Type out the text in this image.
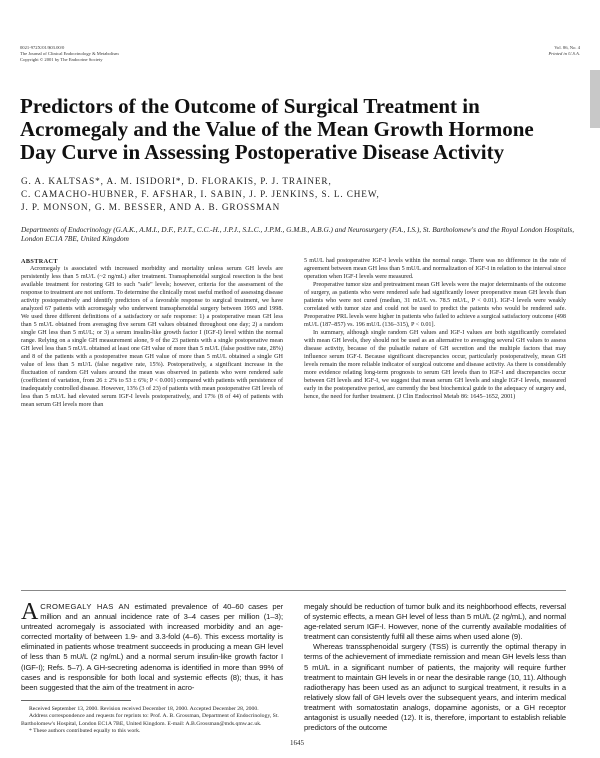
0021-972X/01/$03.00/0
The Journal of Clinical Endocrinology & Metabolism
Copyright © 2001 by The Endocrine Society
Vol. 86, No. 4
Printed in U.S.A.
Predictors of the Outcome of Surgical Treatment in Acromegaly and the Value of the Mean Growth Hormone Day Curve in Assessing Postoperative Disease Activity
G. A. KALTSAS*, A. M. ISIDORI*, D. FLORAKIS, P. J. TRAINER,
C. CAMACHO-HUBNER, F. AFSHAR, I. SABIN, J. P. JENKINS, S. L. CHEW,
J. P. MONSON, G. M. BESSER, AND A. B. GROSSMAN
Departments of Endocrinology (G.A.K., A.M.I., D.F., P.J.T., C.C.-H., J.P.J., S.L.C., J.P.M., G.M.B., A.B.G.) and Neurosurgery (F.A., I.S.), St. Bartholomew's and the Royal London Hospitals, London EC1A 7BE, United Kingdom
ABSTRACT

Acromegaly is associated with increased morbidity and mortality unless serum GH levels are persistently less than 5 mU/L (~2 ng/mL) after treatment. Transsphenoidal surgical resection is the best available treatment for restoring GH to such "safe" levels; however, criteria for the assessment of the response to treatment are not uniform. To determine the clinically most useful method of assessing disease activity postoperatively and identify predictors of a favorable response to surgical treatment, we have analyzed 67 patients with acromegaly who underwent transsphenoidal surgery between 1993 and 1998. We used three different definitions of a satisfactory or safe response: 1) a postoperative mean GH less than 5 mU/L obtained from averaging five serum GH values obtained throughout one day; 2) a random single GH less than 5 mU/L; or 3) a serum insulin-like growth factor I (IGF-I) level within the normal range. Relying on a single GH measurement alone, 9 of the 23 patients with a single postoperative mean GH level less than 5 mU/L obtained at least one GH value of more than 5 mU/L (false positive rate, 28%) and 8 of the patients with a postoperative mean GH value of more than 5 mU/L obtained a single GH value of less than 5 mU/L (false negative rate, 15%). Postoperatively, a significant increase in the fluctuation of random GH values around the mean was observed in patients who were rendered safe (coefficient of variation, from 26 ± 2% to 53 ± 6%; P < 0.001) compared with patients with persistence of inadequately controlled disease. However, 13% (3 of 23) of patients with mean postoperative GH levels of less than 5 mU/L had elevated serum IGF-I levels postoperatively, and 17% (8 of 44) of patients with mean serum GH levels more than

5 mU/L had postoperative IGF-I levels within the normal range. There was no difference in the rate of agreement between mean GH less than 5 mU/L and normalization of IGF-I in relation to the interval since operation when IGF-I levels were measured.

Preoperative tumor size and pretreatment mean GH levels were the major determinants of the outcome of surgery, as patients who were rendered safe had significantly lower preoperative mean GH levels than patients who were not cured (median, 31 mU/L vs. 78.5 mU/L, P < 0.01). IGF-I levels were weakly correlated with tumor size and could not be used to predict the patients who would be rendered safe. Preoperative PRL levels were higher in patients who failed to achieve a surgical satisfactory outcome (498 mU/L (187–857) vs. 196 mU/L (136–315), P < 0.01].

In summary, although single random GH values and IGF-I values are both significantly correlated with mean GH levels, they should not be used as an alternative to averaging several GH values to assess disease activity, because of the pulsatile nature of GH secretion and the multiple factors that may influence serum IGF-I. Because significant discrepancies occur, particularly postoperatively, mean GH levels remain the more reliable indicator of surgical outcome and disease activity. As there is considerably more evidence relating long-term prognosis to serum GH levels than to IGF-I and discrepancies occur between GH levels and IGF-I, we suggest that mean serum GH levels and single IGF-I levels, measured early in the postoperative period, are currently the best biochemical guide to the adequacy of surgery and, hence, the need for further treatment. (J Clin Endocrinol Metab 86: 1645–1652, 2001)

ACROMEGALY HAS AN estimated prevalence of 40–60 cases per million and an annual incidence rate of 3–4 cases per million (1–3); untreated acromegaly is associated with increased morbidity and an age-corrected mortality of between 1.9- and 3.3-fold (4–6). This excess mortality is eliminated in patients whose treatment succeeds in producing a mean GH level of less than 5 mU/L (2 ng/mL) and a normal serum insulin-like growth factor I (IGF-I); Refs. 5–7). A GH-secreting adenoma is identified in more than 99% of cases and is responsible for both local and systemic effects (8); thus, it has been suggested that the aim of the treatment in acro-

megaly should be reduction of tumor bulk and its neighborhood effects, reversal of systemic effects, a mean GH level of less than 5 mU/L (2 ng/mL), and normal age-related serum IGF-I. However, none of the currently available modalities of treatment can consistently fulfil all these aims when used alone (9).

Whereas transsphenoidal surgery (TSS) is currently the optimal therapy in terms of the achievement of immediate remission and mean GH levels less than 5 mU/L in a significant number of patients, the majority will require further treatment to maintain GH levels in or near the desirable range (10, 11). Although radiotherapy has been used as an adjunct to surgical treatment, it results in a relatively slow fall of GH levels over the subsequent years, and interim medical treatment with somatostatin analogs, dopamine agonists, or a GH receptor antagonist is usually needed (12). It is, therefore, important to establish reliable predictors of the outcome

Received September 13, 2000. Revision received December 18, 2000. Accepted December 28, 2000.

Address correspondence and requests for reprints to: Prof. A. B. Grossman, Department of Endocrinology, St. Bartholomew's Hospital, London EC1A 7BE, United Kingdom. E-mail: A.B.Grossman@mds.qmw.ac.uk.

* These authors contributed equally to this work.

1645
